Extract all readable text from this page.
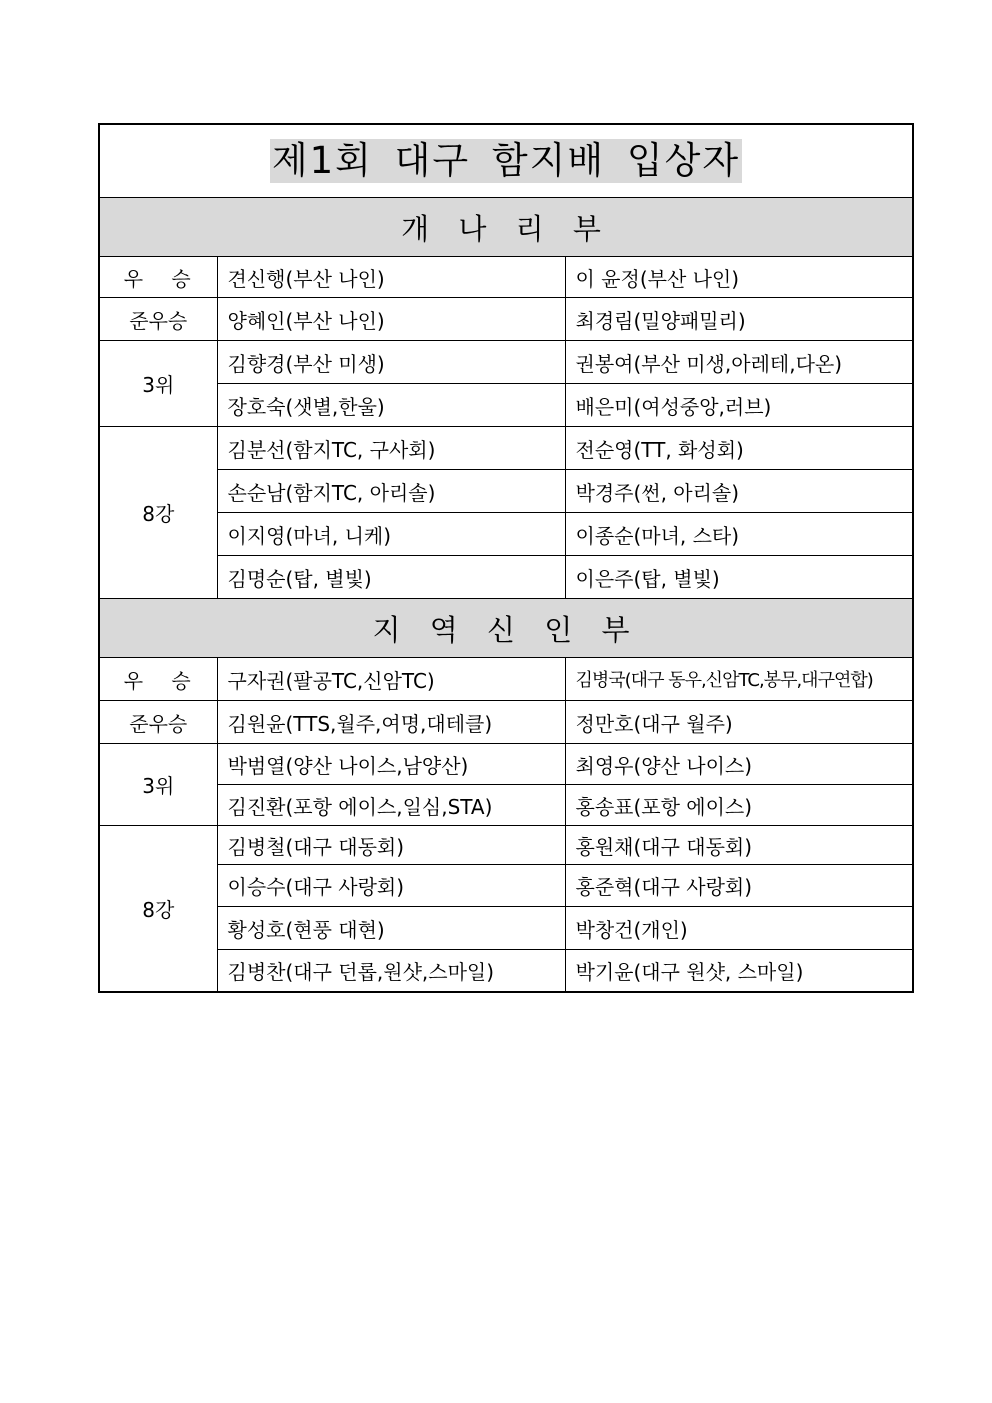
제1회 대구 함지배 입상자		
개 나 리 부		
우 승	견신행(부산 나인)	이 윤정(부산 나인)
준우승	양혜인(부산 나인)	최경림(밀양패밀리)
3위	김향경(부산 미생)	권봉여(부산 미생,아레테,다온)
	장호숙(샛별,한울)	배은미(여성중앙,러브)
8강	김분선(함지TC, 구사회)	전순영(TT, 화성회)
	손순남(함지TC, 아리솔)	박경주(썬, 아리솔)
	이지영(마녀, 니케)	이종순(마녀, 스타)
	김명순(탑, 별빛)	이은주(탑, 별빛)
지 역 신 인 부		
우 승	구자권(팔공TC,신암TC)	김병국(대구 동우,신암TC,봉무,대구연합)
준우승	김원윤(TTS,월주,여명,대테클)	정만호(대구 월주)
3위	박범열(양산 나이스,남양산)	최영우(양산 나이스)
	김진환(포항 에이스,일심,STA)	홍송표(포항 에이스)
8강	김병철(대구 대동회)	홍원채(대구 대동회)
	이승수(대구 사랑회)	홍준혁(대구 사랑회)
	황성호(현풍 대현)	박창건(개인)
	김병찬(대구 던롭,원샷,스마일)	박기윤(대구 원샷, 스마일)
